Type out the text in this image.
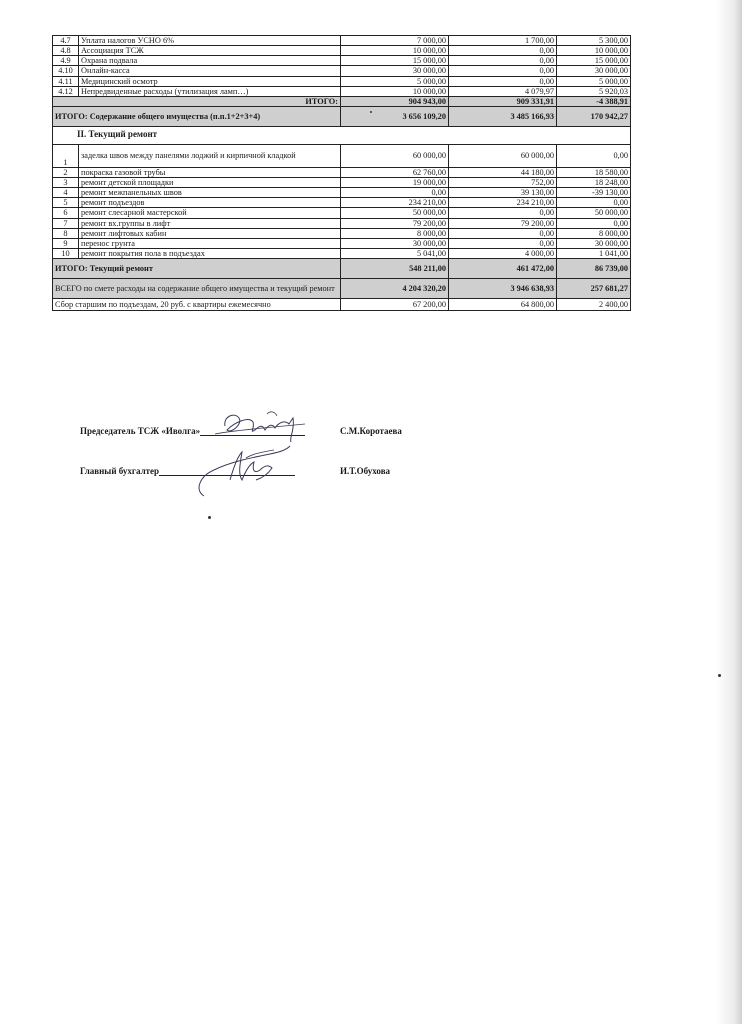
4.7	Уплата налогов УСНО 6%	7 000,00	1 700,00	5 300,00
4.8	Ассоциация ТСЖ	10 000,00	0,00	10 000,00
4.9	Охрана подвала	15 000,00	0,00	15 000,00
4.10	Онлайн-касса	30 000,00	0,00	30 000,00
4.11	Медицинский осмотр	5 000,00	0,00	5 000,00
4.12	Непредвиденные расходы (утилизация ламп…)	10 000,00	4 079,97	5 920,03
ИТОГО:		904 943,00	909 331,91	-4 388,91
ИТОГО: Содержание общего имущества (п.п.1+2+3+4)		3 656 109,20	3 485 166,93	170 942,27
II. Текущий ремонт				
1	заделка швов между панелями лоджий и кирпичной кладкой	60 000,00	60 000,00	0,00
2	покраска газовой трубы	62 760,00	44 180,00	18 580,00
3	ремонт детской площадки	19 000,00	752,00	18 248,00
4	ремонт межпанельных швов	0,00	39 130,00	-39 130,00
5	ремонт подъездов	234 210,00	234 210,00	0,00
6	ремонт слесарной мастерской	50 000,00	0,00	50 000,00
7	ремонт вх.группы в лифт	79 200,00	79 200,00	0,00
8	ремонт лифтовых кабин	8 000,00	0,00	8 000,00
9	перенос грунта	30 000,00	0,00	30 000,00
10	ремонт покрытия пола в подъездах	5 041,00	4 000,00	1 041,00
ИТОГО: Текущий ремонт		548 211,00	461 472,00	86 739,00
ВСЕГО по смете расходы на содержание общего имущества и текущий ремонт		4 204 320,20	3 946 638,93	257 681,27
Сбор старшим по подъездам, 20 руб. с квартиры ежемесячно		67 200,00	64 800,00	2 400,00
Председатель ТСЖ «Иволга»	С.М.Коротаева
Главный бухгалтер	И.Т.Обухова
